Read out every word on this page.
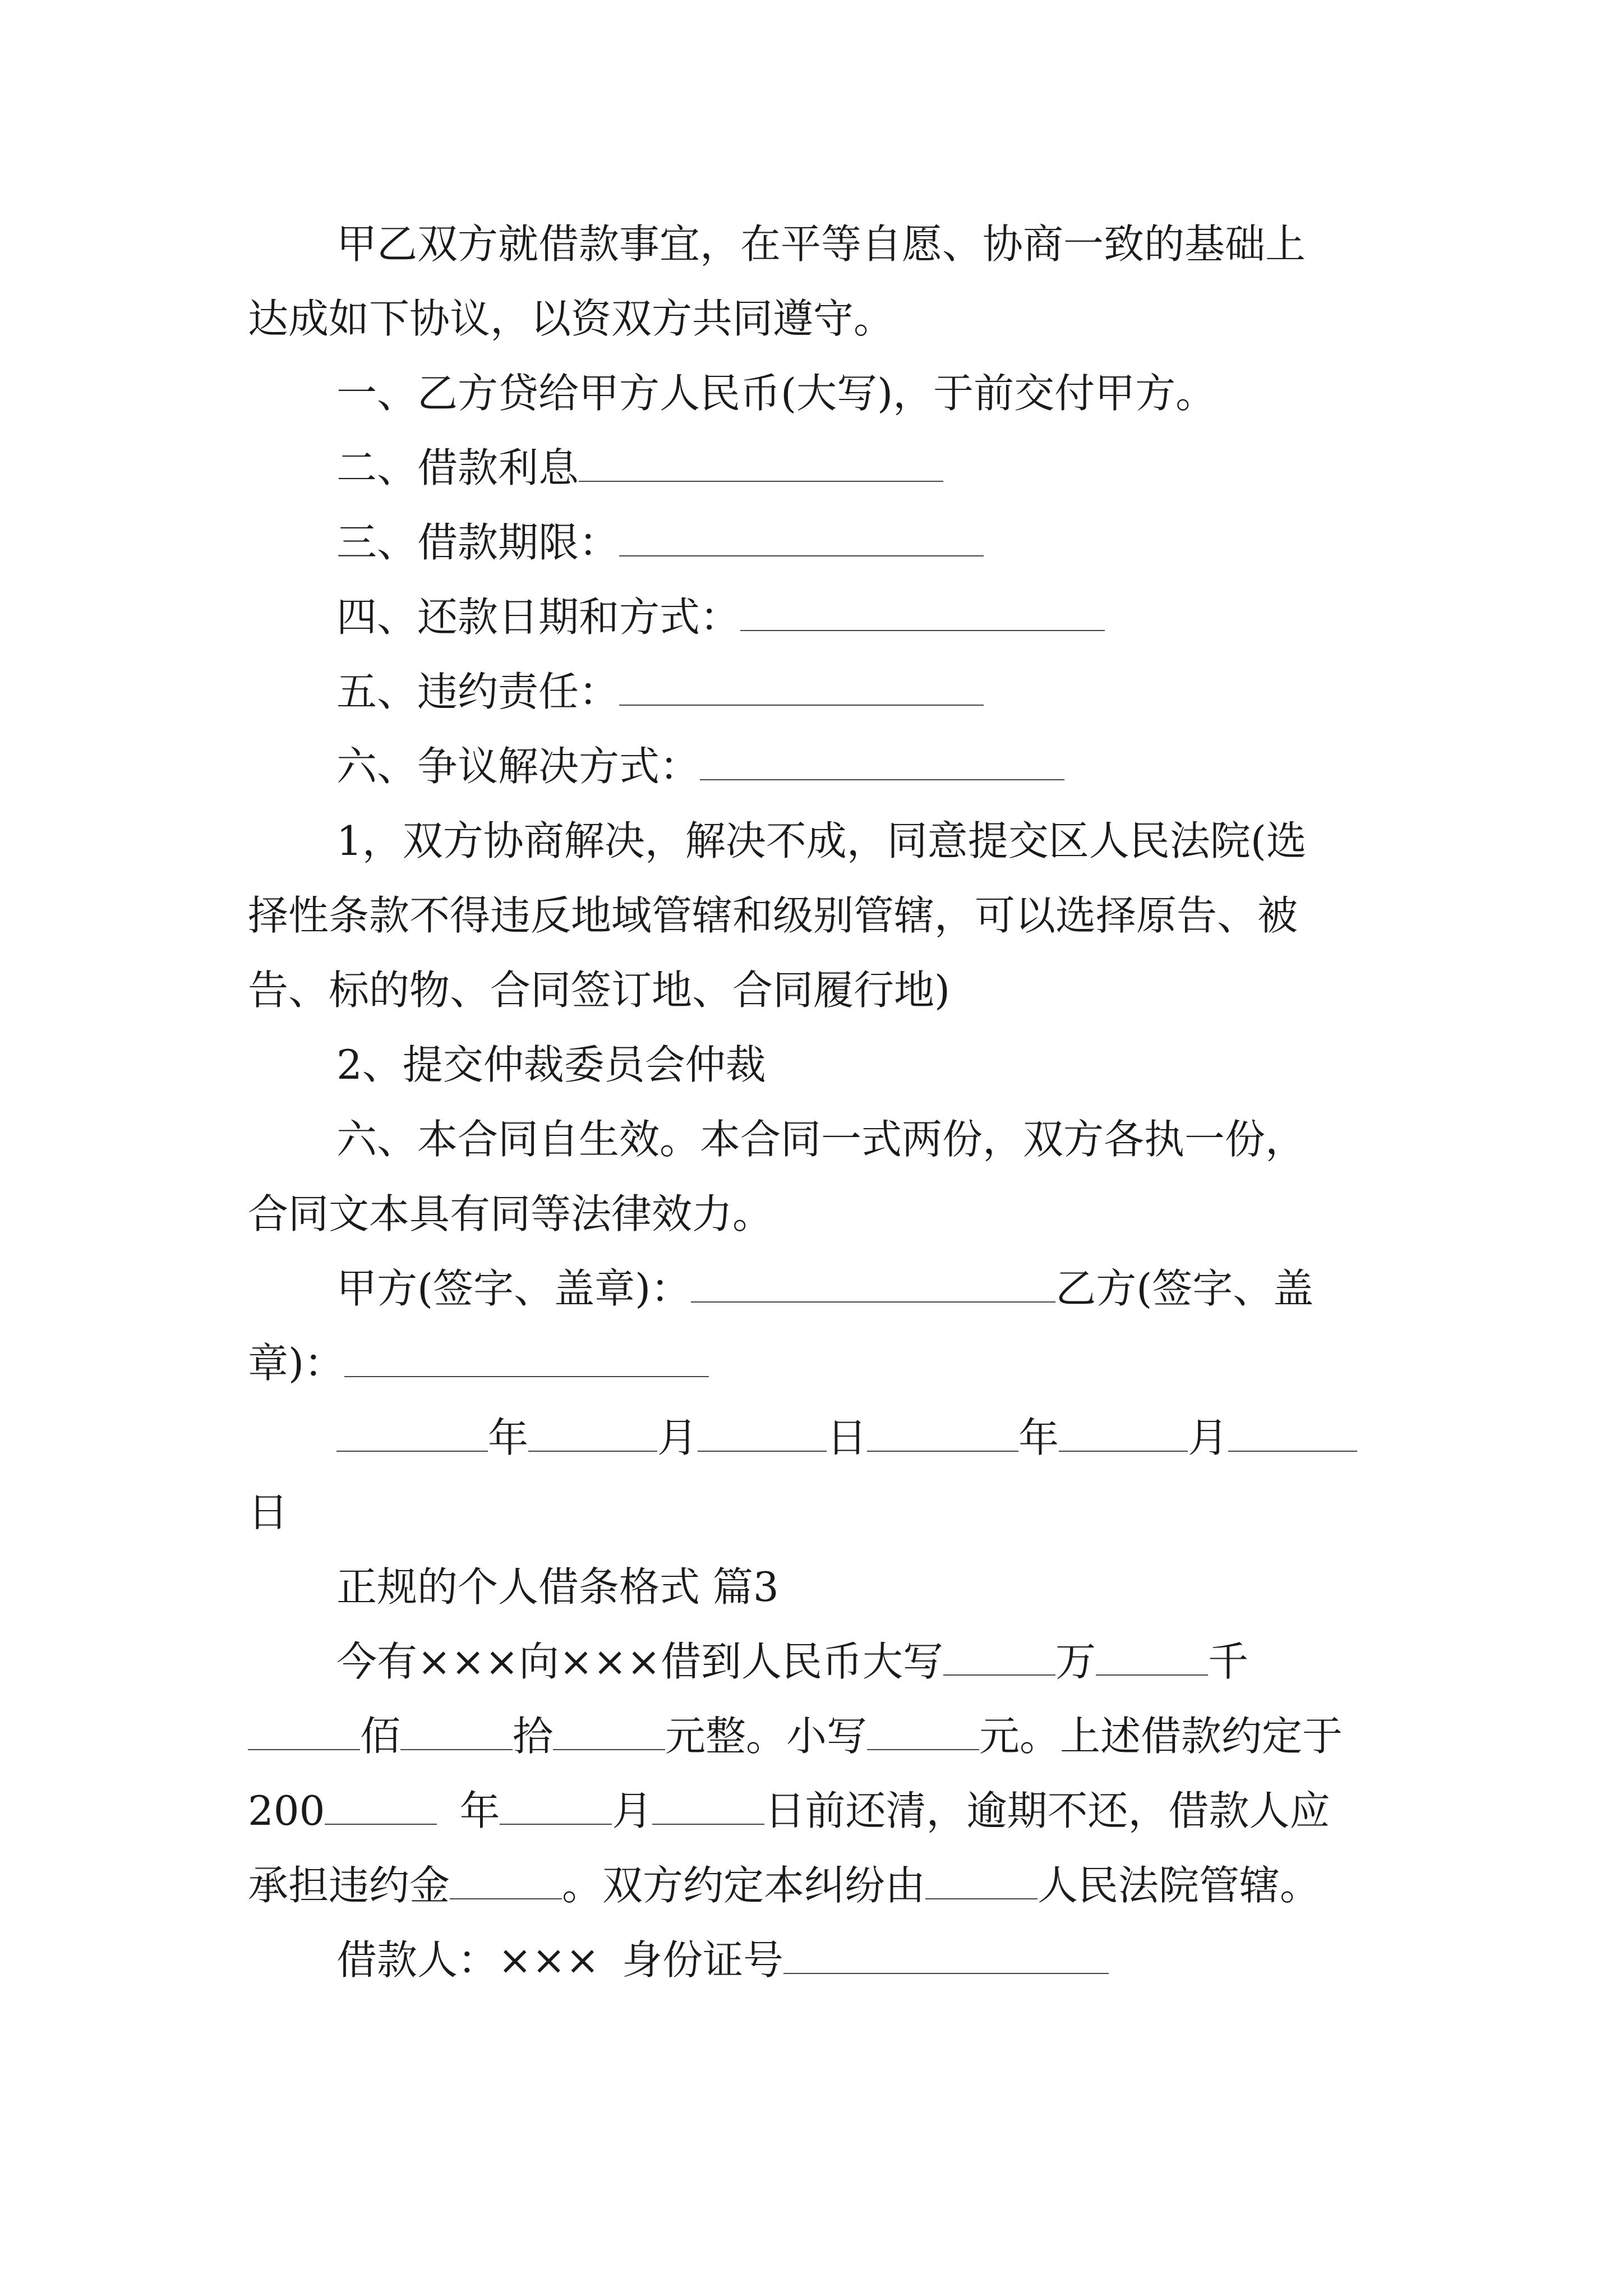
甲乙双方就借款事宜，在平等自愿、协商一致的基础上
达成如下协议，以资双方共同遵守。
一、乙方贷给甲方人民币(大写)，于前交付甲方。
二、借款利息
三、借款期限：
四、还款日期和方式：
五、违约责任：
六、争议解决方式：
1，双方协商解决，解决不成，同意提交区人民法院(选
择性条款不得违反地域管辖和级别管辖，可以选择原告、被
告、标的物、合同签订地、合同履行地)
2、提交仲裁委员会仲裁
六、本合同自生效。本合同一式两份，双方各执一份，
合同文本具有同等法律效力。
甲方(签字、盖章)：	乙方(签字、盖
章)：
年	月	日	年	月
日
正规的个人借条格式 篇3
今有×××向×××借到人民币大写	万	千
佰	拾	元整。小写	元。上述借款约定于
200	年	月	日前还清，逾期不还，借款人应
承担违约金	。双方约定本纠纷由	人民法院管辖。
借款人：××× 身份证号
